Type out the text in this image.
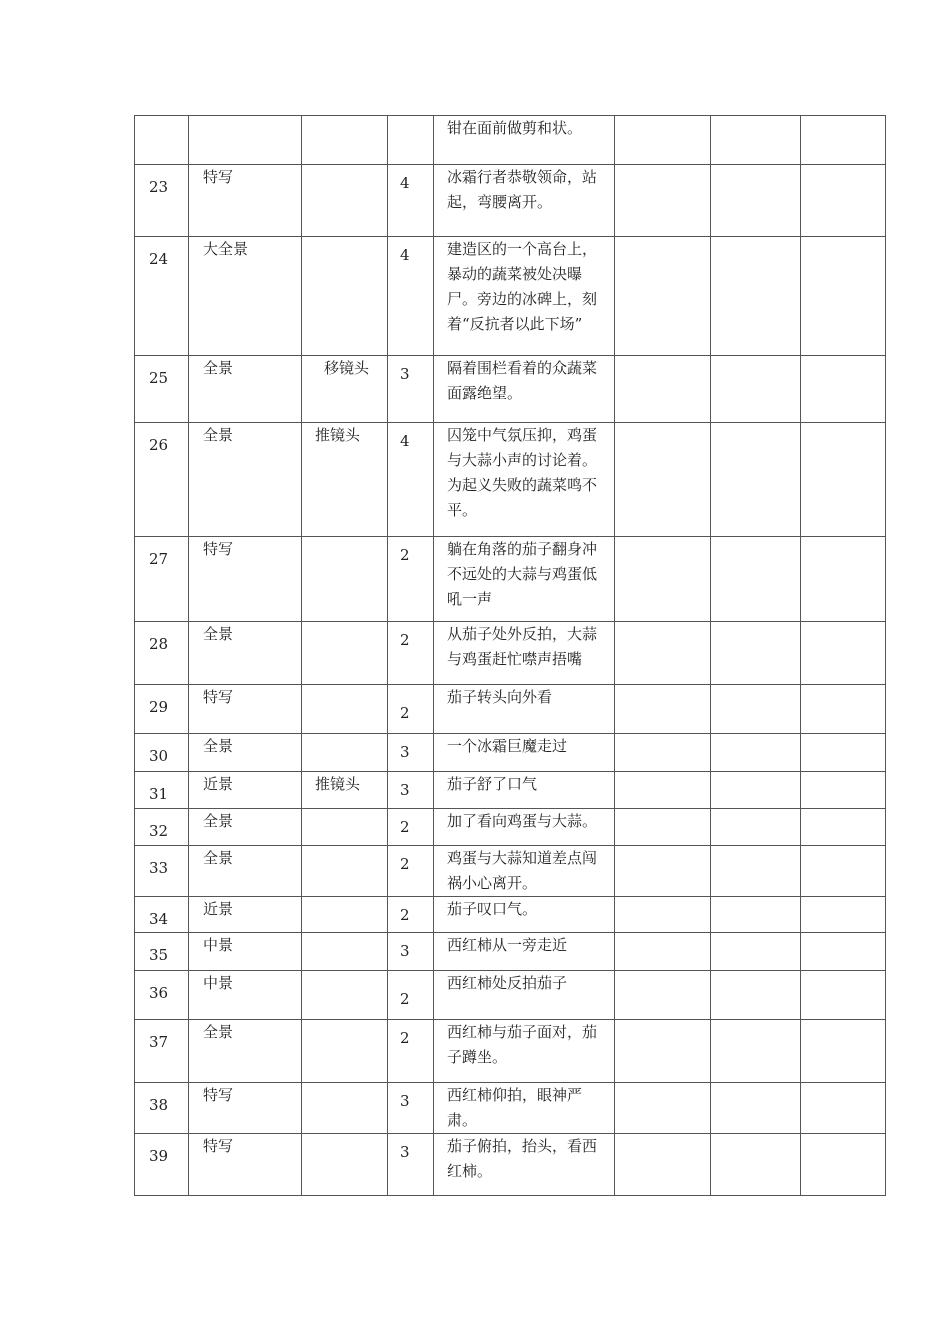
				钳在面前做剪和状。			

23	特写		4	冰霜行者恭敬领命，站起，弯腰离开。			

24	大全景		4	建造区的一个高台上，暴动的蔬菜被处决曝尸。旁边的冰碑上，刻着“反抗者以此下场”			

25	全景	移镜头	3	隔着围栏看着的众蔬菜面露绝望。			

26	全景	推镜头	4	囚笼中气氛压抑，鸡蛋与大蒜小声的讨论着。为起义失败的蔬菜鸣不平。			

27	特写		2	躺在角落的茄子翻身冲不远处的大蒜与鸡蛋低吼一声			

28	全景		2	从茄子处外反拍，大蒜与鸡蛋赶忙噤声捂嘴			

29	特写		2	茄子转头向外看			

30	全景		3	一个冰霜巨魔走过			

31	近景	推镜头	3	茄子舒了口气			

32	全景		2	加了看向鸡蛋与大蒜。			

33	全景		2	鸡蛋与大蒜知道差点闯祸小心离开。			

34	近景		2	茄子叹口气。			

35	中景		3	西红柿从一旁走近			

36	中景		2	西红柿处反拍茄子			

37	全景		2	西红柿与茄子面对，茄子蹲坐。			

38	特写		3	西红柿仰拍，眼神严肃。			

39	特写		3	茄子俯拍，抬头，看西红柿。			
